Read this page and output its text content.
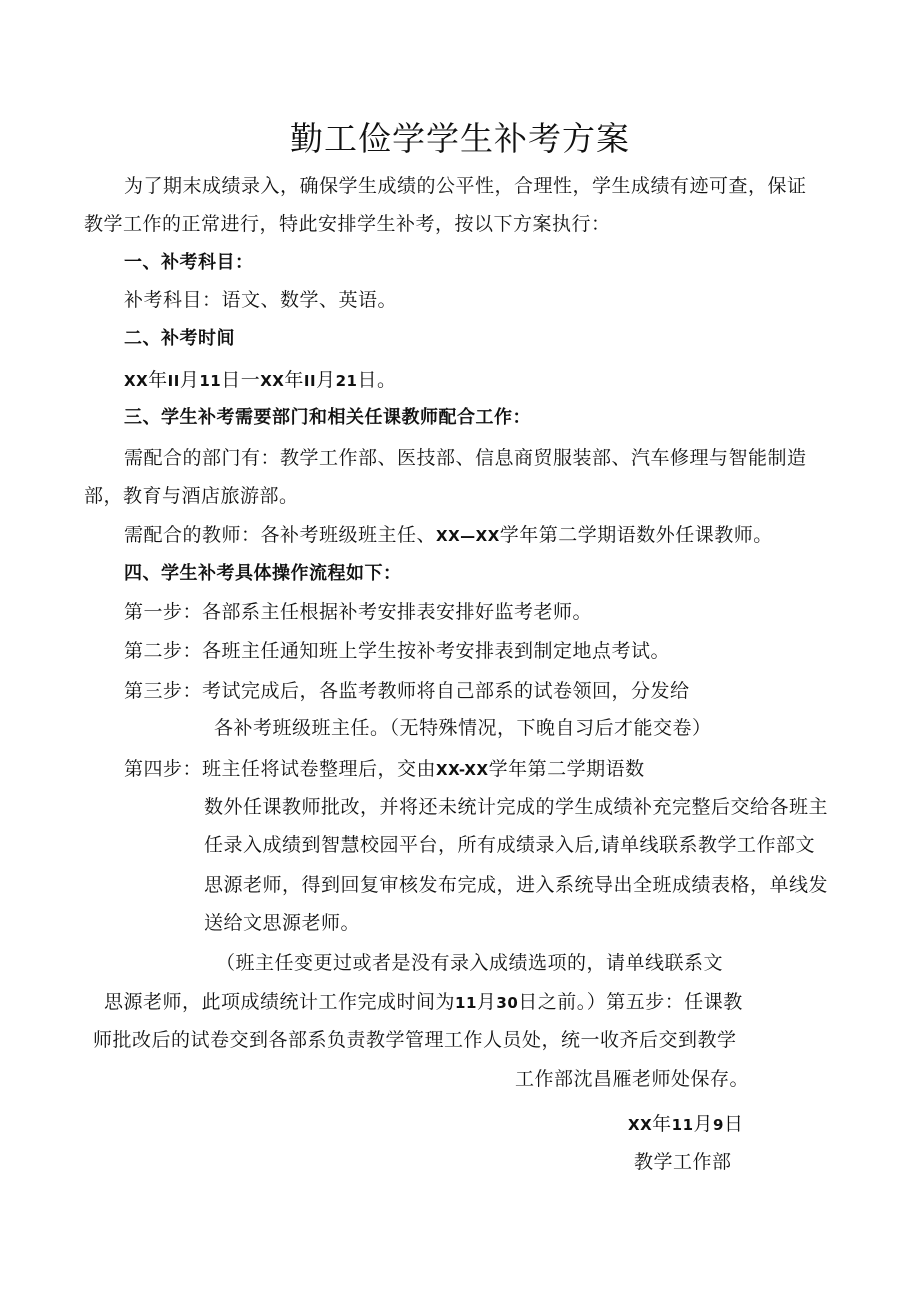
勤工俭学学生补考方案
为了期末成绩录入，确保学生成绩的公平性，合理性，学生成绩有迹可查，保证
教学工作的正常进行，特此安排学生补考，按以下方案执行：
一、补考科目：
补考科目：语文、数学、英语。
二、补考时间
XX年II月11日一XX年II月21日。
三、学生补考需要部门和相关任课教师配合工作：
需配合的部门有：教学工作部、医技部、信息商贸服装部、汽车修理与智能制造
部，教育与酒店旅游部。
需配合的教师：各补考班级班主任、XX—XX学年第二学期语数外任课教师。
四、学生补考具体操作流程如下：
第一步：各部系主任根据补考安排表安排好监考老师。
第二步：各班主任通知班上学生按补考安排表到制定地点考试。
第三步：考试完成后，各监考教师将自己部系的试卷领回，分发给
各补考班级班主任。（无特殊情况，下晚自习后才能交卷）
第四步：班主任将试卷整理后，交由XX-XX学年第二学期语数
数外任课教师批改，并将还未统计完成的学生成绩补充完整后交给各班主
任录入成绩到智慧校园平台，所有成绩录入后,请单线联系教学工作部文
思源老师，得到回复审核发布完成，进入系统导出全班成绩表格，单线发
送给文思源老师。
（班主任变更过或者是没有录入成绩选项的，请单线联系文
思源老师，此项成绩统计工作完成时间为11月30日之前。）第五步：任课教
师批改后的试卷交到各部系负责教学管理工作人员处，统一收齐后交到教学
工作部沈昌雁老师处保存。
XX年11月9日
教学工作部
